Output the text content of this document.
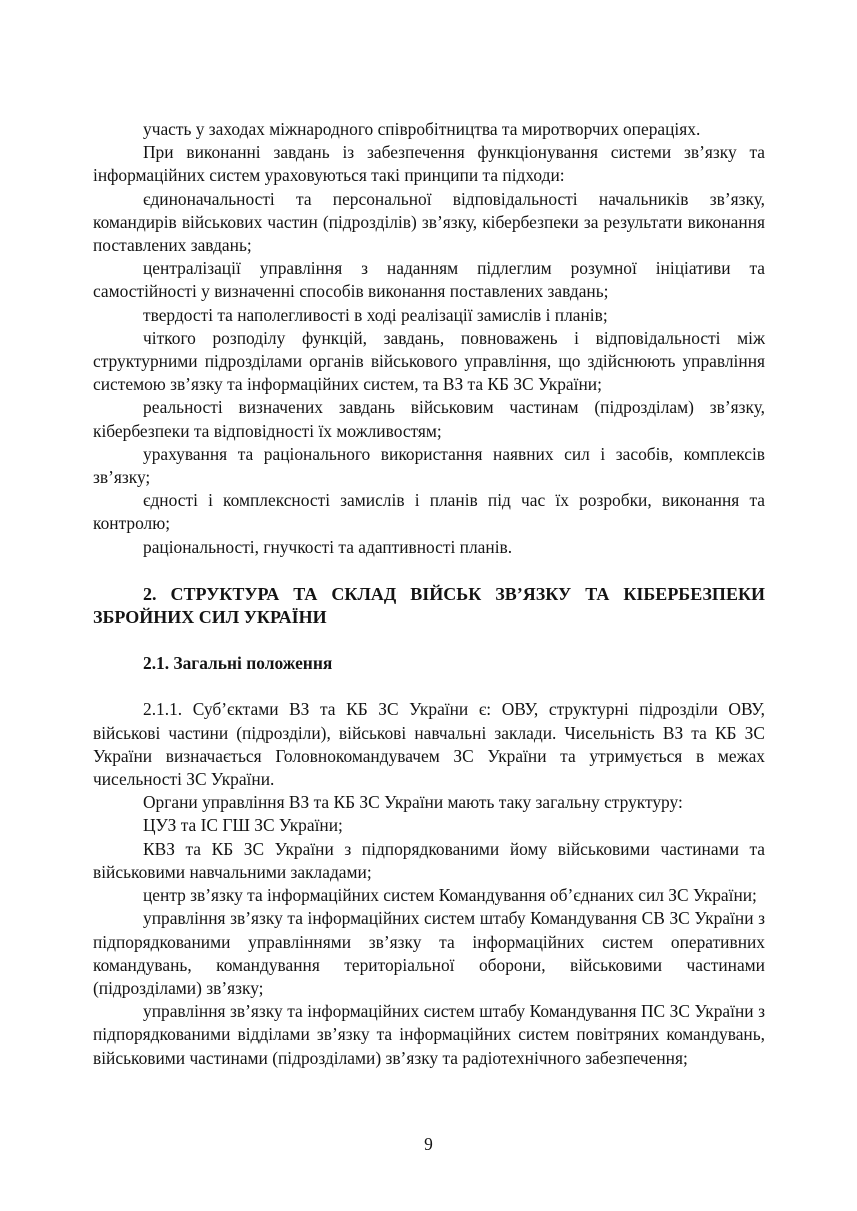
участь у заходах міжнародного співробітництва та миротворчих операціях.

При виконанні завдань із забезпечення функціонування системи зв’язку та інформаційних систем ураховуються такі принципи та підходи:

єдиноначальності та персональної відповідальності начальників зв’язку, командирів військових частин (підрозділів) зв’язку, кібербезпеки за результати виконання поставлених завдань;

централізації управління з наданням підлеглим розумної ініціативи та самостійності у визначенні способів виконання поставлених завдань;

твердості та наполегливості в ході реалізації замислів і планів;

чіткого розподілу функцій, завдань, повноважень і відповідальності між структурними підрозділами органів військового управління, що здійснюють управління системою зв’язку та інформаційних систем, та ВЗ та КБ ЗС України;

реальності визначених завдань військовим частинам (підрозділам) зв’язку, кібербезпеки та відповідності їх можливостям;

урахування та раціонального використання наявних сил і засобів, комплексів зв’язку;

єдності і комплексності замислів і планів під час їх розробки, виконання та контролю;

раціональності, гнучкості та адаптивності планів.

2. СТРУКТУРА ТА СКЛАД ВІЙСЬК ЗВ’ЯЗКУ ТА КІБЕРБЕЗПЕКИ ЗБРОЙНИХ СИЛ УКРАЇНИ
2.1. Загальні положення

2.1.1. Суб’єктами ВЗ та КБ ЗС України є: ОВУ, структурні підрозділи ОВУ, військові частини (підрозділи), військові навчальні заклади. Чисельність ВЗ та КБ ЗС України визначається Головнокомандувачем ЗС України та утримується в межах чисельності ЗС України.

Органи управління ВЗ та КБ ЗС України мають таку загальну структуру:

ЦУЗ та ІС ГШ ЗС України;

КВЗ та КБ ЗС України з підпорядкованими йому військовими частинами та військовими навчальними закладами;

центр зв’язку та інформаційних систем Командування об’єднаних сил ЗС України;

управління зв’язку та інформаційних систем штабу Командування СВ ЗС України з підпорядкованими управліннями зв’язку та інформаційних систем оперативних командувань, командування територіальної оборони, військовими частинами (підрозділами) зв’язку;

управління зв’язку та інформаційних систем штабу Командування ПС ЗС України з підпорядкованими відділами зв’язку та інформаційних систем повітряних командувань, військовими частинами (підрозділами) зв’язку та радіотехнічного забезпечення;

9
